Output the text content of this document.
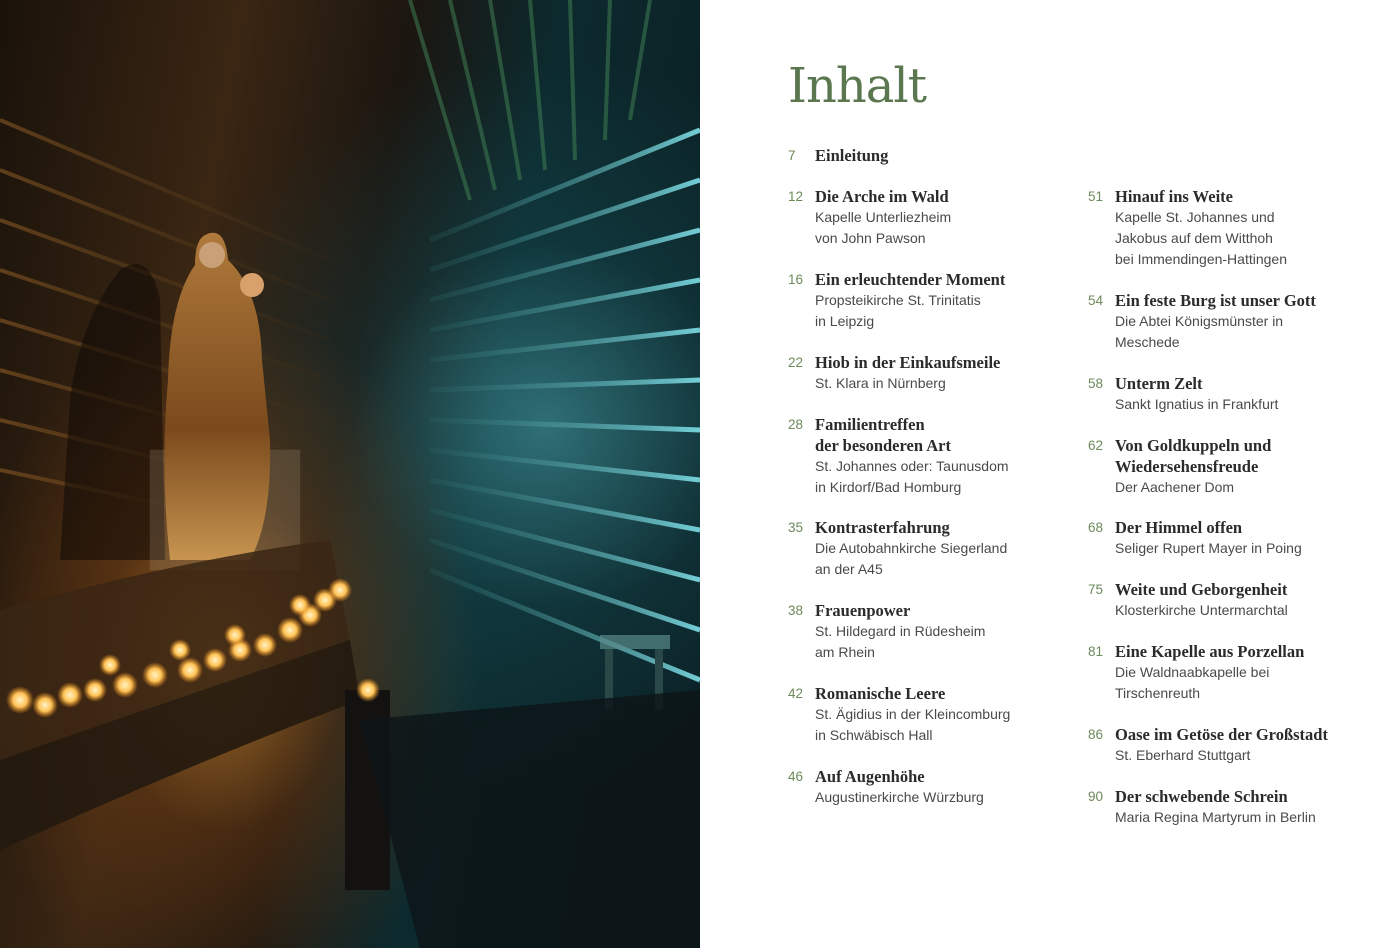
Inhalt
7 Einleitung
12 Die Arche im Wald
Kapelle Unterliezheim
von John Pawson
16 Ein erleuchtender Moment
Propsteikirche St. Trinitatis
in Leipzig
22 Hiob in der Einkaufsmeile
St. Klara in Nürnberg
28 Familientreffen
der besonderen Art
St. Johannes oder: Taunusdom
in Kirdorf/Bad Homburg
35 Kontrasterfahrung
Die Autobahnkirche Siegerland
an der A45
38 Frauenpower
St. Hildegard in Rüdesheim
am Rhein
42 Romanische Leere
St. Ägidius in der Kleincomburg
in Schwäbisch Hall
46 Auf Augenhöhe
Augustinerkirche Würzburg
51 Hinauf ins Weite
Kapelle St. Johannes und
Jakobus auf dem Witthoh
bei Immendingen-Hattingen
54 Ein feste Burg ist unser Gott
Die Abtei Königsmünster in
Meschede
58 Unterm Zelt
Sankt Ignatius in Frankfurt
62 Von Goldkuppeln und
Wiedersehensfreude
Der Aachener Dom
68 Der Himmel offen
Seliger Rupert Mayer in Poing
75 Weite und Geborgenheit
Klosterkirche Untermarchtal
81 Eine Kapelle aus Porzellan
Die Waldnaabkapelle bei
Tirschenreuth
86 Oase im Getöse der Großstadt
St. Eberhard Stuttgart
90 Der schwebende Schrein
Maria Regina Martyrum in Berlin
